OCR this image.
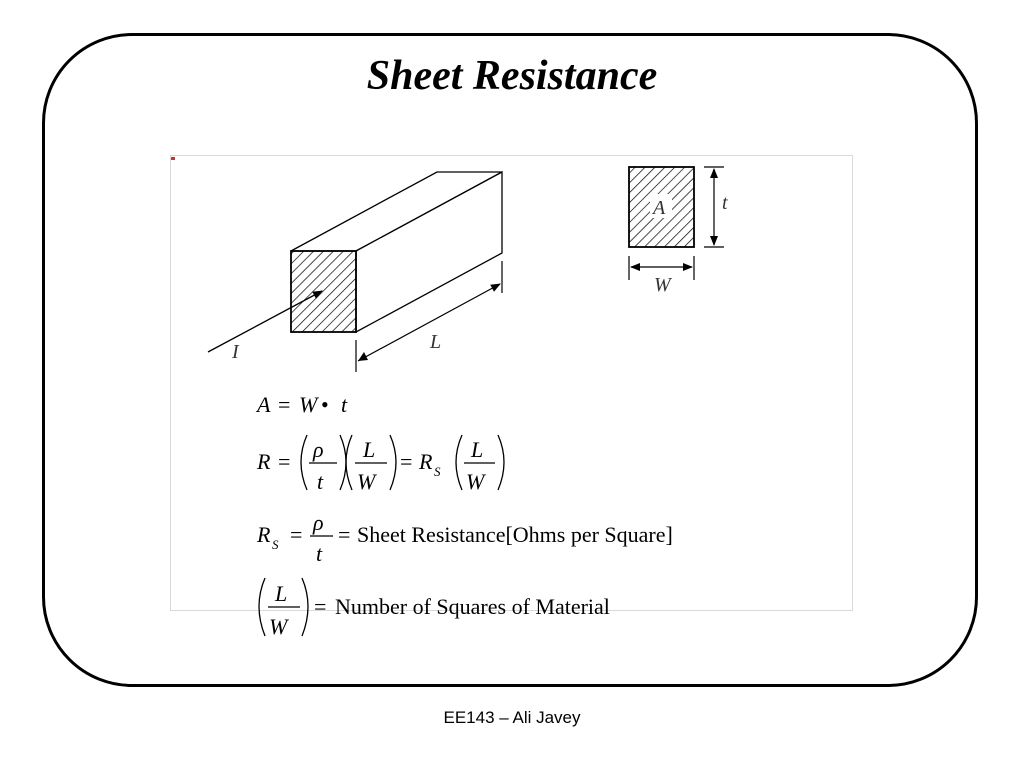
Sheet Resistance
I	L
A	t
W
A = W • t
R = ρ
t
L
W
= R S
L
W
R S = ρ
t
= Sheet Resistance[Ohms per Square]
L
W
= Number of Squares of Material
EE143 – Ali Javey
